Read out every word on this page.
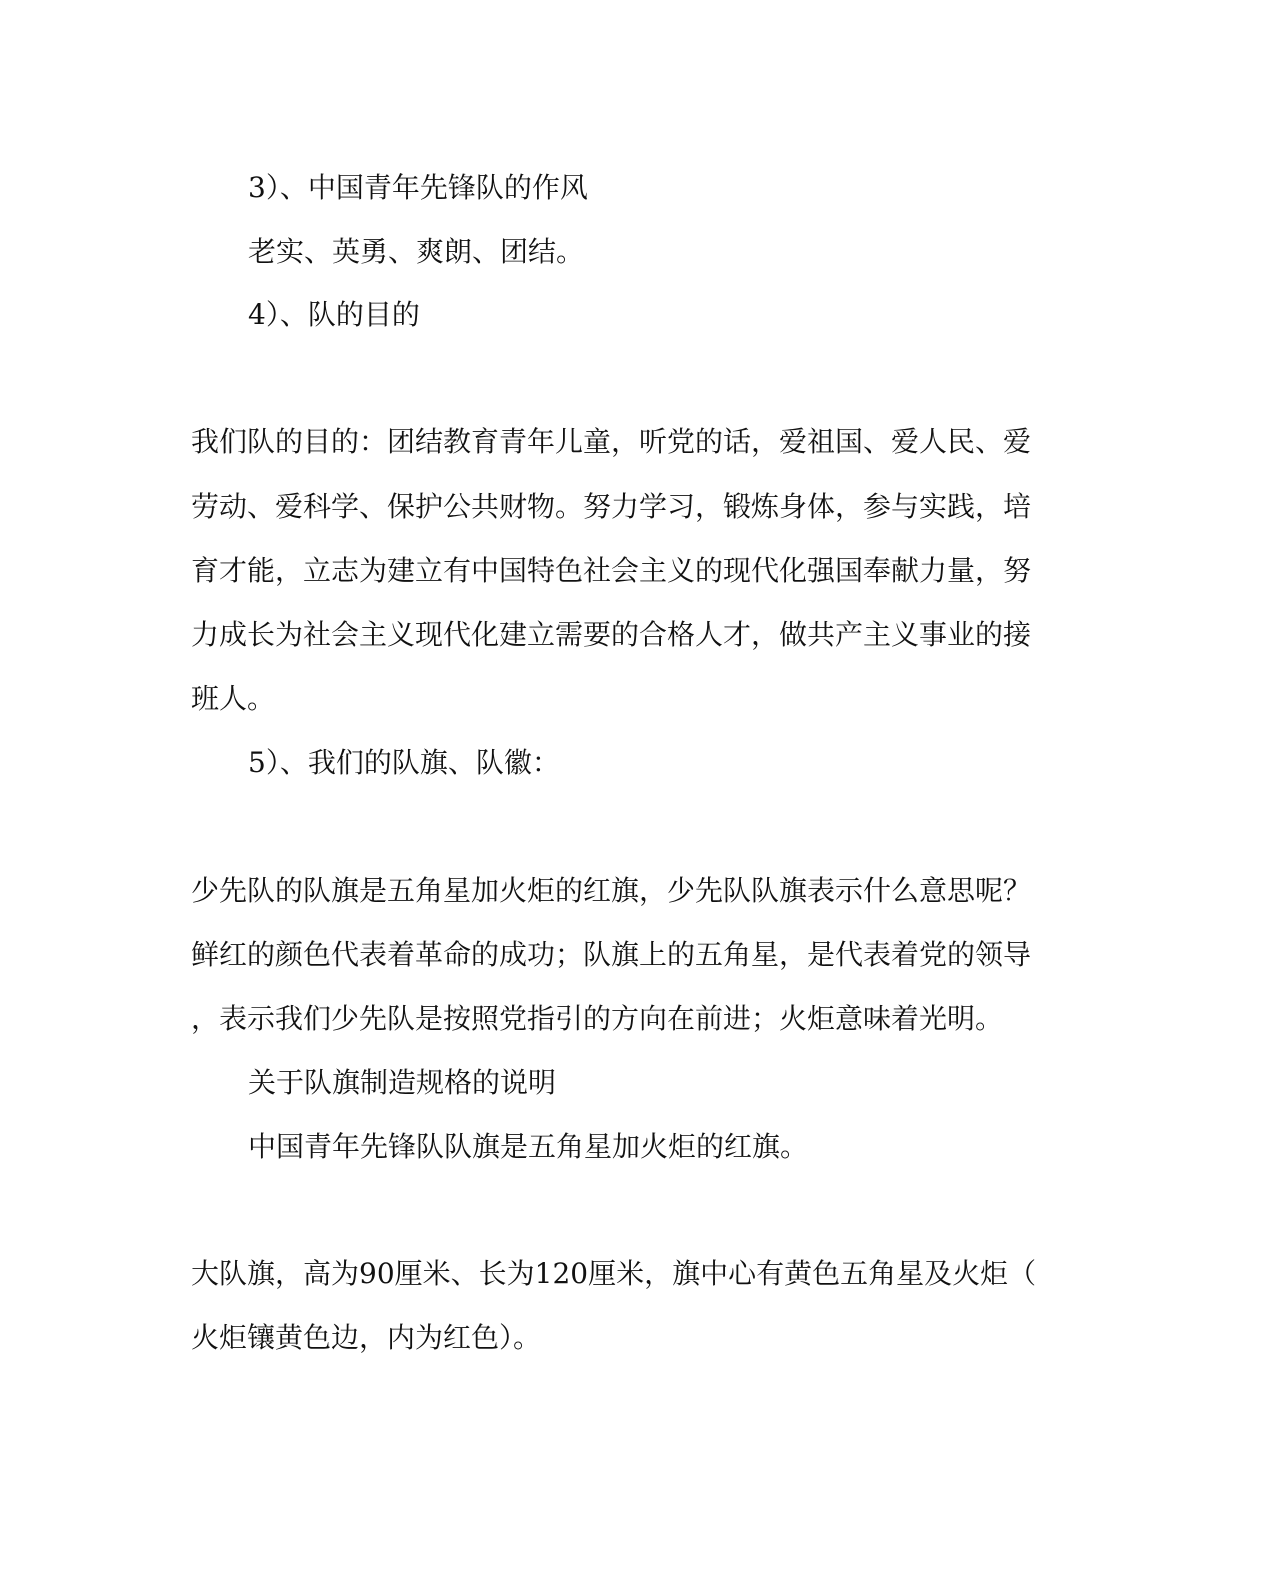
3）、中国青年先锋队的作风
老实、英勇、爽朗、团结。
4）、队的目的
我们队的目的：团结教育青年儿童，听党的话，爱祖国、爱人民、爱
劳动、爱科学、保护公共财物。努力学习，锻炼身体，参与实践，培
育才能，立志为建立有中国特色社会主义的现代化强国奉献力量，努
力成长为社会主义现代化建立需要的合格人才，做共产主义事业的接
班人。
5）、我们的队旗、队徽：
少先队的队旗是五角星加火炬的红旗，少先队队旗表示什么意思呢？
鲜红的颜色代表着革命的成功；队旗上的五角星，是代表着党的领导
，表示我们少先队是按照党指引的方向在前进；火炬意味着光明。
关于队旗制造规格的说明
中国青年先锋队队旗是五角星加火炬的红旗。
大队旗，高为90厘米、长为120厘米，旗中心有黄色五角星及火炬（
火炬镶黄色边，内为红色）。
